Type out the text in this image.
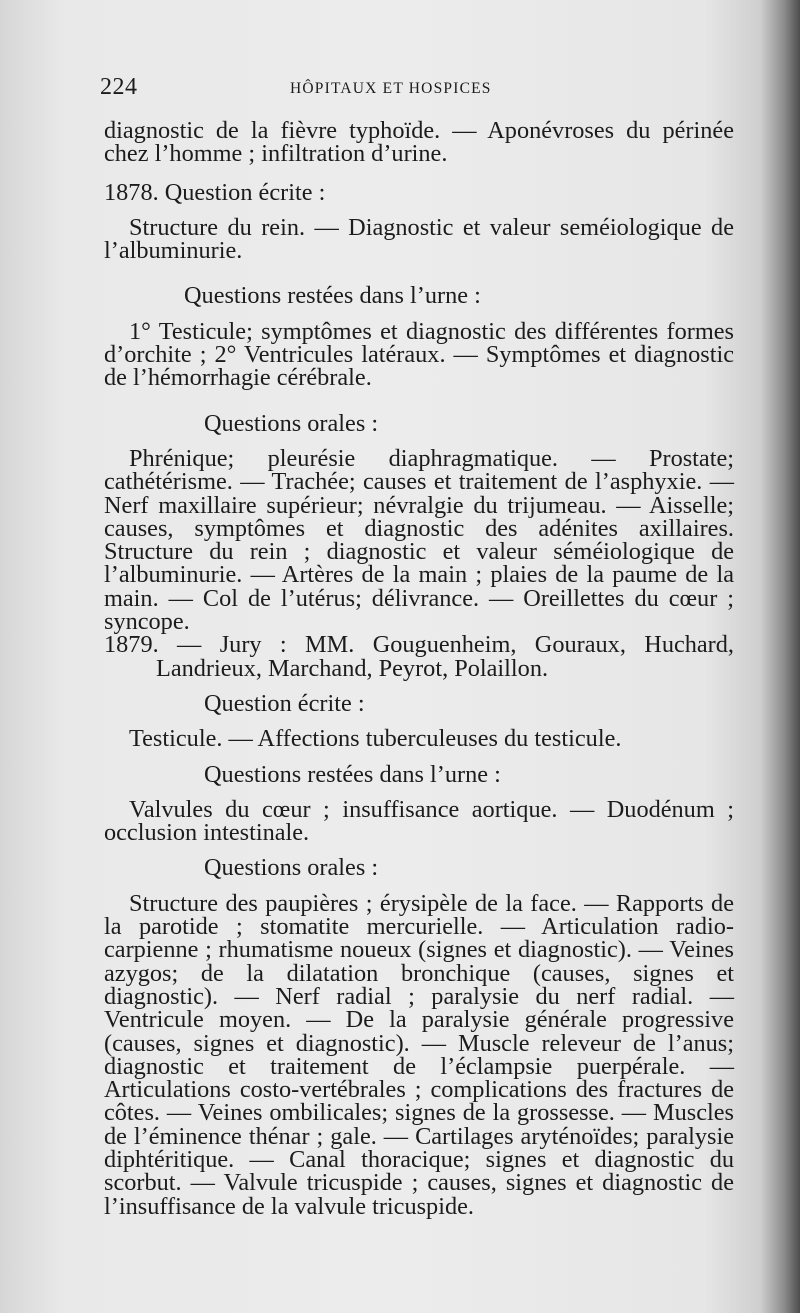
224	HÔPITAUX ET HOSPICES

diagnostic de la fièvre typhoïde. — Aponévroses du périnée chez l’homme ; infiltration d’urine.

1878. Question écrite :

Structure du rein. — Diagnostic et valeur seméiologique de l’albuminurie.

Questions restées dans l’urne :

1° Testicule; symptômes et diagnostic des différentes formes d’orchite ; 2° Ventricules latéraux. — Symptômes et diagnostic de l’hémorrhagie cérébrale.

Questions orales :

Phrénique; pleurésie diaphragmatique. — Prostate; cathétérisme. — Trachée; causes et traitement de l’asphyxie. — Nerf maxillaire supérieur; névralgie du trijumeau. — Aisselle; causes, symptômes et diagnostic des adénites axillaires. Structure du rein ; diagnostic et valeur séméiologique de l’albuminurie. — Artères de la main ; plaies de la paume de la main. — Col de l’utérus; délivrance. — Oreillettes du cœur ; syncope.

1879. — Jury : MM. Gouguenheim, Gouraux, Huchard, Landrieux, Marchand, Peyrot, Polaillon.

Question écrite :

Testicule. — Affections tuberculeuses du testicule.

Questions restées dans l’urne :

Valvules du cœur ; insuffisance aortique. — Duodénum ; occlusion intestinale.

Questions orales :

Structure des paupières ; érysipèle de la face. — Rapports de la parotide ; stomatite mercurielle. — Articulation radio-carpienne ; rhumatisme noueux (signes et diagnostic). — Veines azygos; de la dilatation bronchique (causes, signes et diagnostic). — Nerf radial ; paralysie du nerf radial. — Ventricule moyen. — De la paralysie générale progressive (causes, signes et diagnostic). — Muscle releveur de l’anus; diagnostic et traitement de l’éclampsie puerpérale. — Articulations costo-vertébrales ; complications des fractures de côtes. — Veines ombilicales; signes de la grossesse. — Muscles de l’éminence thénar ; gale. — Cartilages aryténoïdes; paralysie diphtéritique. — Canal thoracique; signes et diagnostic du scorbut. — Valvule tricuspide ; causes, signes et diagnostic de l’insuffisance de la valvule tricuspide.
